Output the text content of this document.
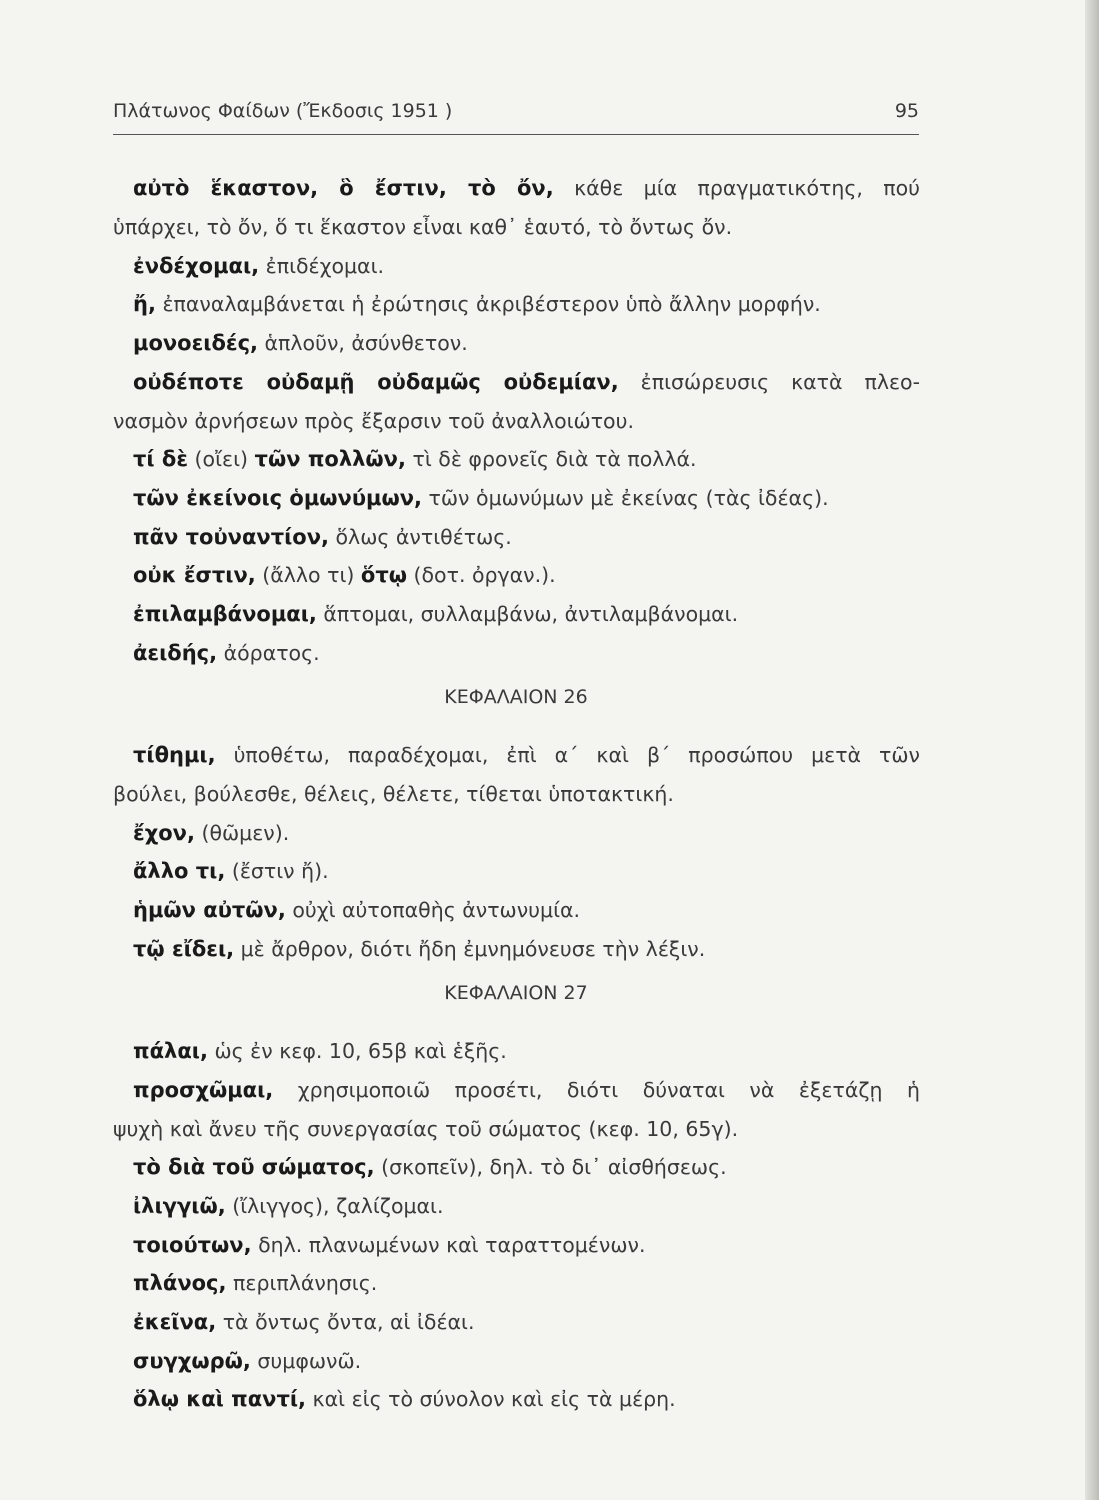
Πλάτωνος Φαίδων (Ἔκδοσις 1951 )	95
αὐτὸ ἕκαστον, ὃ ἔστιν, τὸ ὄν, κάθε μία πραγματικότης, πού
ὑπάρχει, τὸ ὄν, ὅ τι ἕκαστον εἶναι καθ᾿ ἑαυτό, τὸ ὄντως ὄν.
ἐνδέχομαι, ἐπιδέχομαι.
ἤ, ἐπαναλαμβάνεται ἡ ἐρώτησις ἀκριβέστερον ὑπὸ ἄλλην μορφήν.
μονοειδές, ἁπλοῦν, ἀσύνθετον.
οὐδέποτε οὐδαμῇ οὐδαμῶς οὐδεμίαν, ἐπισώρευσις κατὰ πλεο-
νασμὸν ἀρνήσεων πρὸς ἔξαρσιν τοῦ ἀναλλοιώτου.
τί δὲ (οἴει) τῶν πολλῶν, τὶ δὲ φρονεῖς διὰ τὰ πολλά.
τῶν ἐκείνοις ὁμωνύμων, τῶν ὁμωνύμων μὲ ἐκείνας (τὰς ἰδέας).
πᾶν τοὐναντίον, ὅλως ἀντιθέτως.
οὐκ ἔστιν, (ἄλλο τι) ὅτῳ (δοτ. ὀργαν.).
ἐπιλαμβάνομαι, ἅπτομαι, συλλαμβάνω, ἀντιλαμβάνομαι.
ἀειδής, ἀόρατος.
ΚΕΦΑΛΑΙΟΝ 26
τίθημι, ὑποθέτω, παραδέχομαι, ἐπὶ α΄ καὶ β΄ προσώπου μετὰ τῶν
βούλει, βούλεσθε, θέλεις, θέλετε, τίθεται ὑποτακτική.
ἔχον, (θῶμεν).
ἄλλο τι, (ἔστιν ἤ).
ἡμῶν αὐτῶν, οὐχὶ αὐτοπαθὴς ἀντωνυμία.
τῷ εἴδει, μὲ ἄρθρον, διότι ἤδη ἐμνημόνευσε τὴν λέξιν.
ΚΕΦΑΛΑΙΟΝ 27
πάλαι, ὡς ἐν κεφ. 10, 65β καὶ ἑξῆς.
προσχῶμαι, χρησιμοποιῶ προσέτι, διότι δύναται νὰ ἐξετάζῃ ἡ
ψυχὴ καὶ ἄνευ τῆς συνεργασίας τοῦ σώματος (κεφ. 10, 65γ).
τὸ διὰ τοῦ σώματος, (σκοπεῖν), δηλ. τὸ δι᾿ αἰσθήσεως.
ἰλιγγιῶ, (ἴλιγγος), ζαλίζομαι.
τοιούτων, δηλ. πλανωμένων καὶ ταραττομένων.
πλάνος, περιπλάνησις.
ἐκεῖνα, τὰ ὄντως ὄντα, αἱ ἰδέαι.
συγχωρῶ, συμφωνῶ.
ὅλῳ καὶ παντί, καὶ εἰς τὸ σύνολον καὶ εἰς τὰ μέρη.
